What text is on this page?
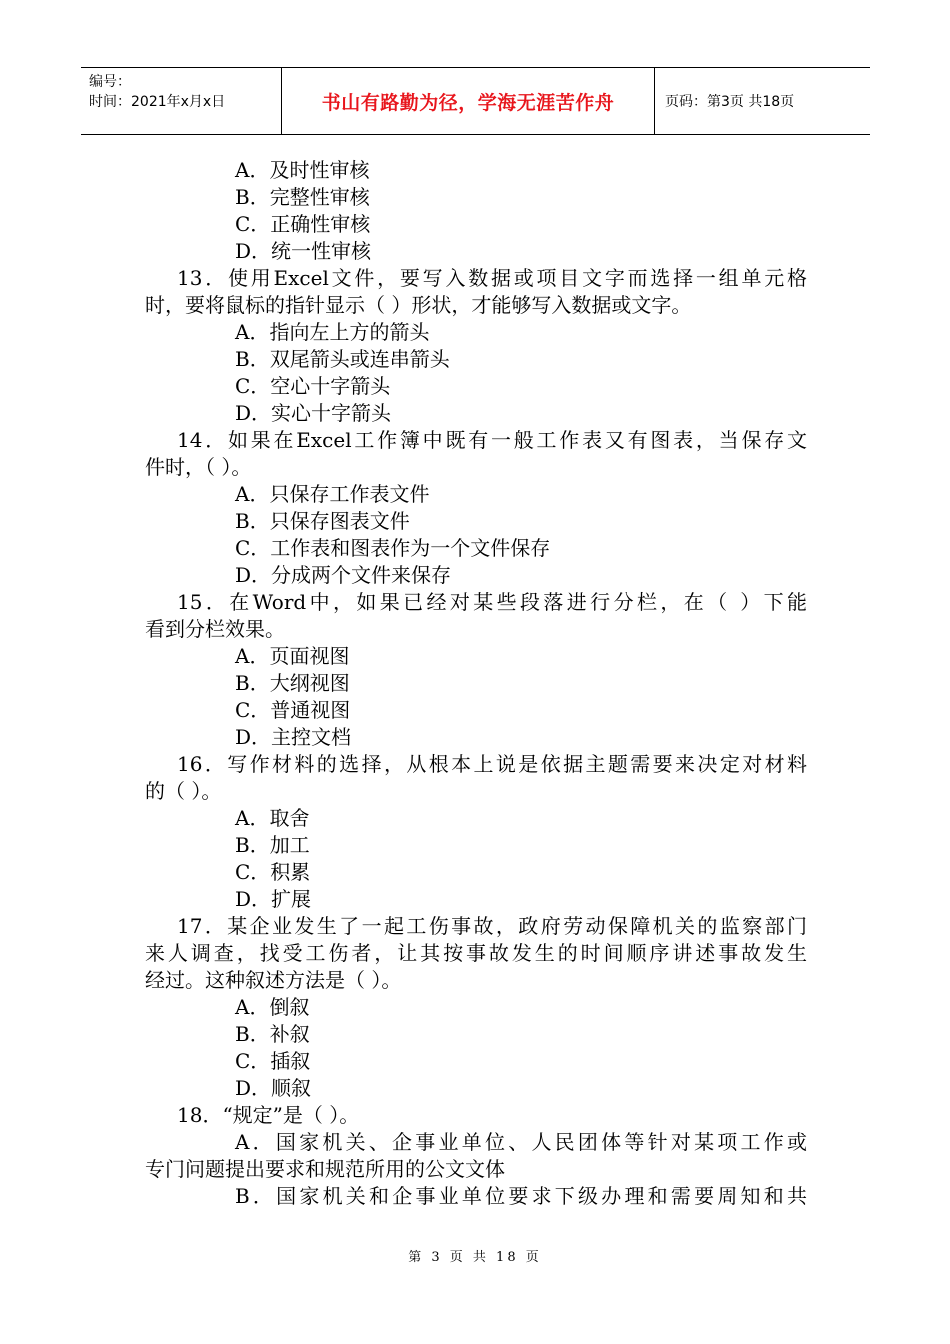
编号：
时间：2021年x月x日	书山有路勤为径，学海无涯苦作舟	页码：第3页 共18页

A．及时性审核

B．完整性审核

C．正确性审核

D．统一性审核

13．使用Excel文件，要写入数据或项目文字而选择一组单元格

时，要将鼠标的指针显示（ ）形状，才能够写入数据或文字。

A．指向左上方的箭头

B．双尾箭头或连串箭头

C．空心十字箭头

D．实心十字箭头

14．如果在Excel工作簿中既有一般工作表又有图表，当保存文

件时，（ ）。

A．只保存工作表文件

B．只保存图表文件

C．工作表和图表作为一个文件保存

D．分成两个文件来保存

15．在Word中，如果已经对某些段落进行分栏，在（ ）下能

看到分栏效果。

A．页面视图

B．大纲视图

C．普通视图

D．主控文档

16．写作材料的选择，从根本上说是依据主题需要来决定对材料

的（ ）。

A．取舍

B．加工

C．积累

D．扩展

17．某企业发生了一起工伤事故，政府劳动保障机关的监察部门

来人调查，找受工伤者，让其按事故发生的时间顺序讲述事故发生

经过。这种叙述方法是（ ）。

A．倒叙

B．补叙

C．插叙

D．顺叙

18．“规定”是（ ）。

A．国家机关、企事业单位、人民团体等针对某项工作或

专门问题提出要求和规范所用的公文文体

B．国家机关和企事业单位要求下级办理和需要周知和共

第 3 页 共 18 页
